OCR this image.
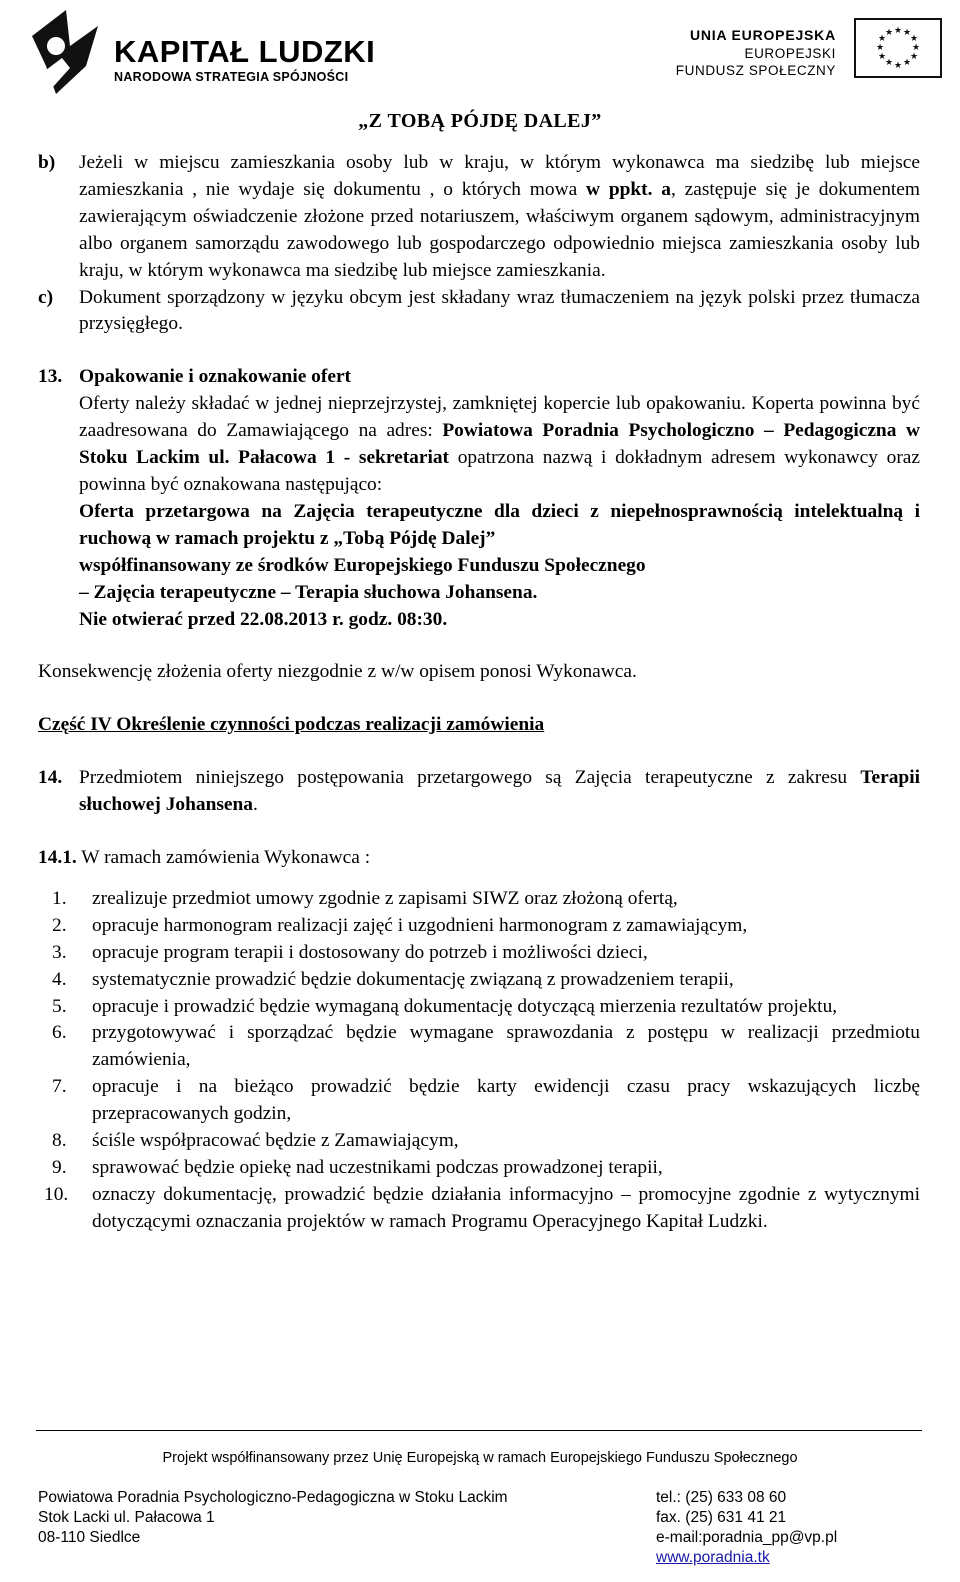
KAPITAŁ LUDZKI
NARODOWA STRATEGIA SPÓJNOŚCI
UNIA EUROPEJSKA
EUROPEJSKI
FUNDUSZ SPOŁECZNY
★ ★
★
★
★
★
★
★
★
★
★
★
„Z TOBĄ PÓJDĘ DALEJ”
b) Jeżeli w miejscu zamieszkania osoby lub w kraju, w którym wykonawca ma siedzibę lub miejsce zamieszkania , nie wydaje się dokumentu , o których mowa w ppkt. a, zastępuje się je dokumentem zawierającym oświadczenie złożone przed notariuszem, właściwym organem sądowym, administracyjnym albo organem samorządu zawodowego lub gospodarczego odpowiednio miejsca zamieszkania osoby lub kraju, w którym wykonawca ma siedzibę lub miejsce zamieszkania.
c) Dokument sporządzony w języku obcym jest składany wraz tłumaczeniem na język polski przez tłumacza przysięgłego.
13. Opakowanie i oznakowanie ofert
Oferty należy składać w jednej nieprzejrzystej, zamkniętej kopercie lub opakowaniu. Koperta powinna być zaadresowana do Zamawiającego na adres: Powiatowa Poradnia Psychologiczno – Pedagogiczna w Stoku Lackim ul. Pałacowa 1 - sekretariat opatrzona nazwą i dokładnym adresem wykonawcy oraz powinna być oznakowana następująco:
Oferta przetargowa na Zajęcia terapeutyczne dla dzieci z niepełnosprawnością intelektualną i ruchową w ramach projektu z „Tobą Pójdę Dalej”
współfinansowany ze środków Europejskiego Funduszu Społecznego
– Zajęcia terapeutyczne – Terapia słuchowa Johansena.
Nie otwierać przed 22.08.2013 r. godz. 08:30.
Konsekwencję złożenia oferty niezgodnie z w/w opisem ponosi Wykonawca.
Część IV Określenie czynności podczas realizacji zamówienia
14. Przedmiotem niniejszego postępowania przetargowego są Zajęcia terapeutyczne z zakresu Terapii słuchowej Johansena.
14.1. W ramach zamówienia Wykonawca :
1. zrealizuje przedmiot umowy zgodnie z zapisami SIWZ oraz złożoną ofertą,
2. opracuje harmonogram realizacji zajęć i uzgodnieni harmonogram z zamawiającym,
3. opracuje program terapii i dostosowany do potrzeb i możliwości dzieci,
4. systematycznie prowadzić będzie dokumentację związaną z prowadzeniem terapii,
5. opracuje i prowadzić będzie wymaganą dokumentację dotyczącą mierzenia rezultatów projektu,
6. przygotowywać i sporządzać będzie wymagane sprawozdania z postępu w realizacji przedmiotu zamówienia,
7. opracuje i na bieżąco prowadzić będzie karty ewidencji czasu pracy wskazujących liczbę przepracowanych godzin,
8. ściśle współpracować będzie z Zamawiającym,
9. sprawować będzie opiekę nad uczestnikami podczas prowadzonej terapii,
10. oznaczy dokumentację, prowadzić będzie działania informacyjno – promocyjne zgodnie z wytycznymi dotyczącymi oznaczania projektów w ramach Programu Operacyjnego Kapitał Ludzki.
Projekt współfinansowany przez Unię Europejską w ramach Europejskiego Funduszu Społecznego
Powiatowa Poradnia Psychologiczno-Pedagogiczna w Stoku Lackim
Stok Lacki ul. Pałacowa 1
08-110 Siedlce
tel.: (25) 633 08 60
fax. (25) 631 41 21
e-mail:poradnia_pp@vp.pl
www.poradnia.tk
